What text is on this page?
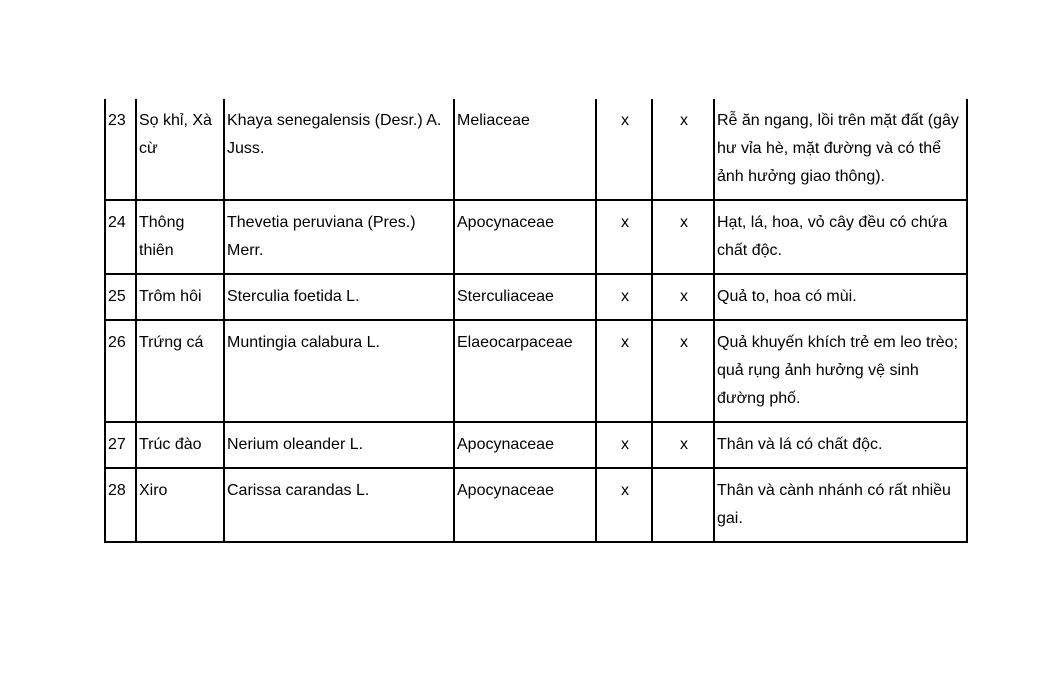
23	Sọ khỉ, Xà cừ	Khaya senegalensis (Desr.) A. Juss.	Meliaceae	x	x	Rễ ăn ngang, lồi trên mặt đất (gây hư vỉa hè, mặt đường và có thể ảnh hưởng giao thông).
24	Thông thiên	Thevetia peruviana (Pres.) Merr.	Apocynaceae	x	x	Hạt, lá, hoa, vỏ cây đều có chứa chất độc.
25	Trôm hôi	Sterculia foetida L.	Sterculiaceae	x	x	Quả to, hoa có mùi.
26	Trứng cá	Muntingia calabura L.	Elaeocarpaceae	x	x	Quả khuyến khích trẻ em leo trèo; quả rụng ảnh hưởng vệ sinh đường phố.
27	Trúc đào	Nerium oleander L.	Apocynaceae	x	x	Thân và lá có chất độc.
28	Xiro	Carissa carandas L.	Apocynaceae	x		Thân và cành nhánh có rất nhiều gai.
